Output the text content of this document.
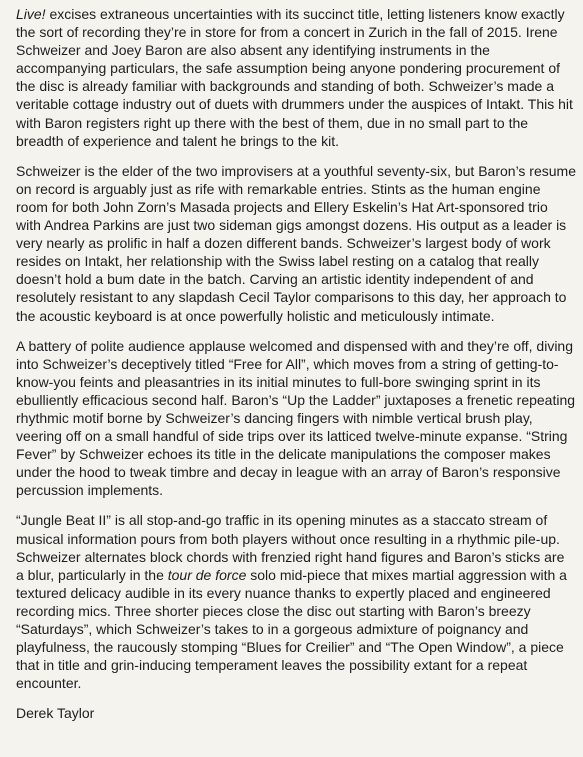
Live! excises extraneous uncertainties with its succinct title, letting listeners know exactly the sort of recording they’re in store for from a concert in Zurich in the fall of 2015. Irene Schweizer and Joey Baron are also absent any identifying instruments in the accompanying particulars, the safe assumption being anyone pondering procurement of the disc is already familiar with backgrounds and standing of both. Schweizer’s made a veritable cottage industry out of duets with drummers under the auspices of Intakt. This hit with Baron registers right up there with the best of them, due in no small part to the breadth of experience and talent he brings to the kit.

Schweizer is the elder of the two improvisers at a youthful seventy-six, but Baron’s resume on record is arguably just as rife with remarkable entries. Stints as the human engine room for both John Zorn’s Masada projects and Ellery Eskelin’s Hat Art-sponsored trio with Andrea Parkins are just two sideman gigs amongst dozens. His output as a leader is very nearly as prolific in half a dozen different bands. Schweizer’s largest body of work resides on Intakt, her relationship with the Swiss label resting on a catalog that really doesn’t hold a bum date in the batch. Carving an artistic identity independent of and resolutely resistant to any slapdash Cecil Taylor comparisons to this day, her approach to the acoustic keyboard is at once powerfully holistic and meticulously intimate.

A battery of polite audience applause welcomed and dispensed with and they’re off, diving into Schweizer’s deceptively titled “Free for All”, which moves from a string of getting-to-know-you feints and pleasantries in its initial minutes to full-bore swinging sprint in its ebulliently efficacious second half. Baron’s “Up the Ladder” juxtaposes a frenetic repeating rhythmic motif borne by Schweizer’s dancing fingers with nimble vertical brush play, veering off on a small handful of side trips over its latticed twelve-minute expanse. “String Fever” by Schweizer echoes its title in the delicate manipulations the composer makes under the hood to tweak timbre and decay in league with an array of Baron’s responsive percussion implements.

“Jungle Beat II” is all stop-and-go traffic in its opening minutes as a staccato stream of musical information pours from both players without once resulting in a rhythmic pile-up. Schweizer alternates block chords with frenzied right hand figures and Baron’s sticks are a blur, particularly in the tour de force solo mid-piece that mixes martial aggression with a textured delicacy audible in its every nuance thanks to expertly placed and engineered recording mics. Three shorter pieces close the disc out starting with Baron’s breezy “Saturdays”, which Schweizer’s takes to in a gorgeous admixture of poignancy and playfulness, the raucously stomping “Blues for Creilier” and “The Open Window”, a piece that in title and grin-inducing temperament leaves the possibility extant for a repeat encounter.

Derek Taylor
